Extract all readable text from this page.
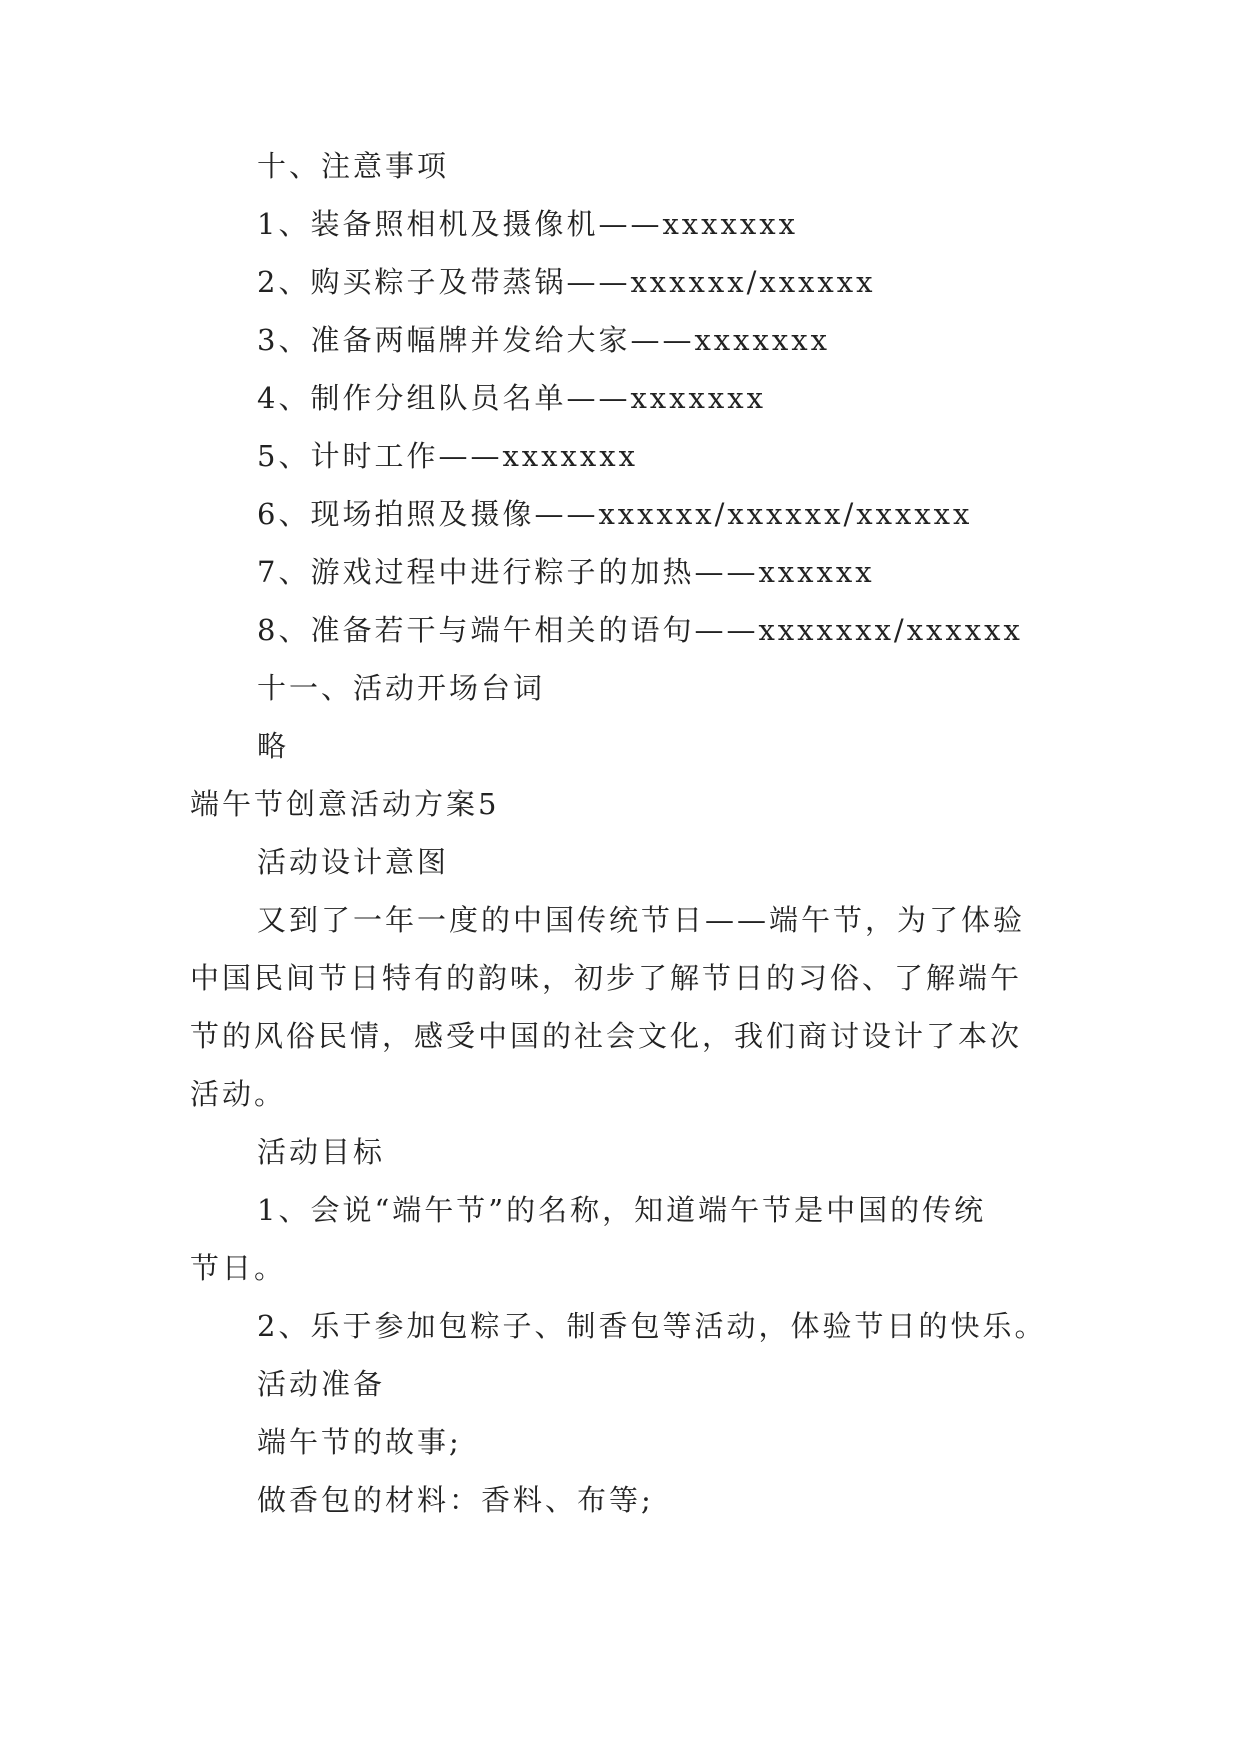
十、注意事项
1、装备照相机及摄像机——xxxxxxx
2、购买粽子及带蒸锅——xxxxxx/xxxxxx
3、准备两幅牌并发给大家——xxxxxxx
4、制作分组队员名单——xxxxxxx
5、计时工作——xxxxxxx
6、现场拍照及摄像——xxxxxx/xxxxxx/xxxxxx
7、游戏过程中进行粽子的加热——xxxxxx
8、准备若干与端午相关的语句——xxxxxxx/xxxxxx
十一、活动开场台词
略
端午节创意活动方案5
活动设计意图
又到了一年一度的中国传统节日——端午节，为了体验
中国民间节日特有的韵味，初步了解节日的习俗、了解端午
节的风俗民情，感受中国的社会文化，我们商讨设计了本次
活动。
活动目标
1、会说“端午节”的名称，知道端午节是中国的传统
节日。
2、乐于参加包粽子、制香包等活动，体验节日的快乐。
活动准备
端午节的故事;
做香包的材料：香料、布等;
